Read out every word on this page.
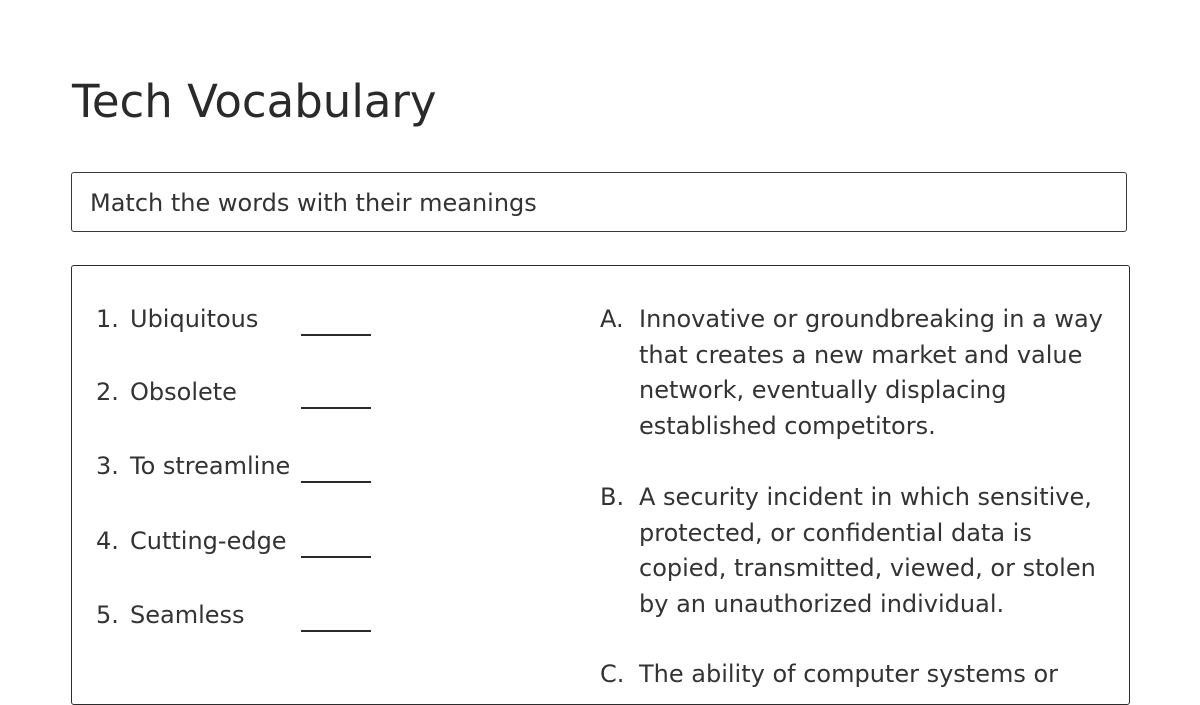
Tech Vocabulary
Match the words with their meanings
1. Ubiquitous
2. Obsolete
3. To streamline
4. Cutting-edge
5. Seamless
A. Innovative or groundbreaking in a way that creates a new market and value network, eventually displacing established competitors.
B. A security incident in which sensitive, protected, or confidential data is copied, transmitted, viewed, or stolen by an unauthorized individual.
C. The ability of computer systems or
